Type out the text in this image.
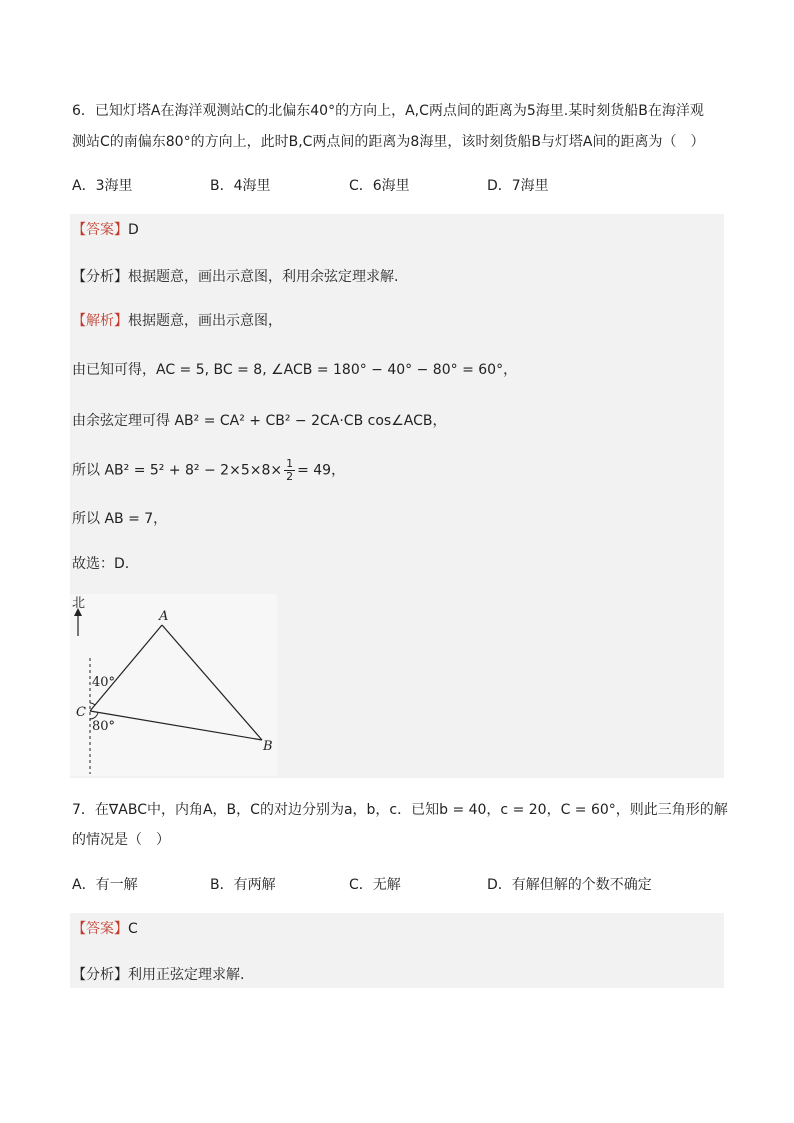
6．已知灯塔A在海洋观测站C的北偏东40°的方向上，A,C两点间的距离为5海里.某时刻货船B在海洋观
测站C的南偏东80°的方向上，此时B,C两点间的距离为8海里，该时刻货船B与灯塔A间的距离为（　）
A．3海里	B．4海里	C．6海里	D．7海里
【答案】D
【分析】根据题意，画出示意图，利用余弦定理求解.
【解析】根据题意，画出示意图，
由已知可得，AC = 5, BC = 8, ∠ACB = 180° − 40° − 80° = 60°，
由余弦定理可得 AB² = CA² + CB² − 2CA·CB cos∠ACB，
所以 $AB^2 = 5^2 + 8^2 - 2\times 5\times 8\times \frac{1}{2} = 49$，
所以 AB = 7，
故选：D.
北
A
B
C
40°
80°
7．在∇ABC中，内角A，B，C的对边分别为a，b，c．已知b = 40，c = 20，C = 60°，则此三角形的解
的情况是（　）
A．有一解	B．有两解	C．无解	D．有解但解的个数不确定
【答案】C
【分析】利用正弦定理求解.
